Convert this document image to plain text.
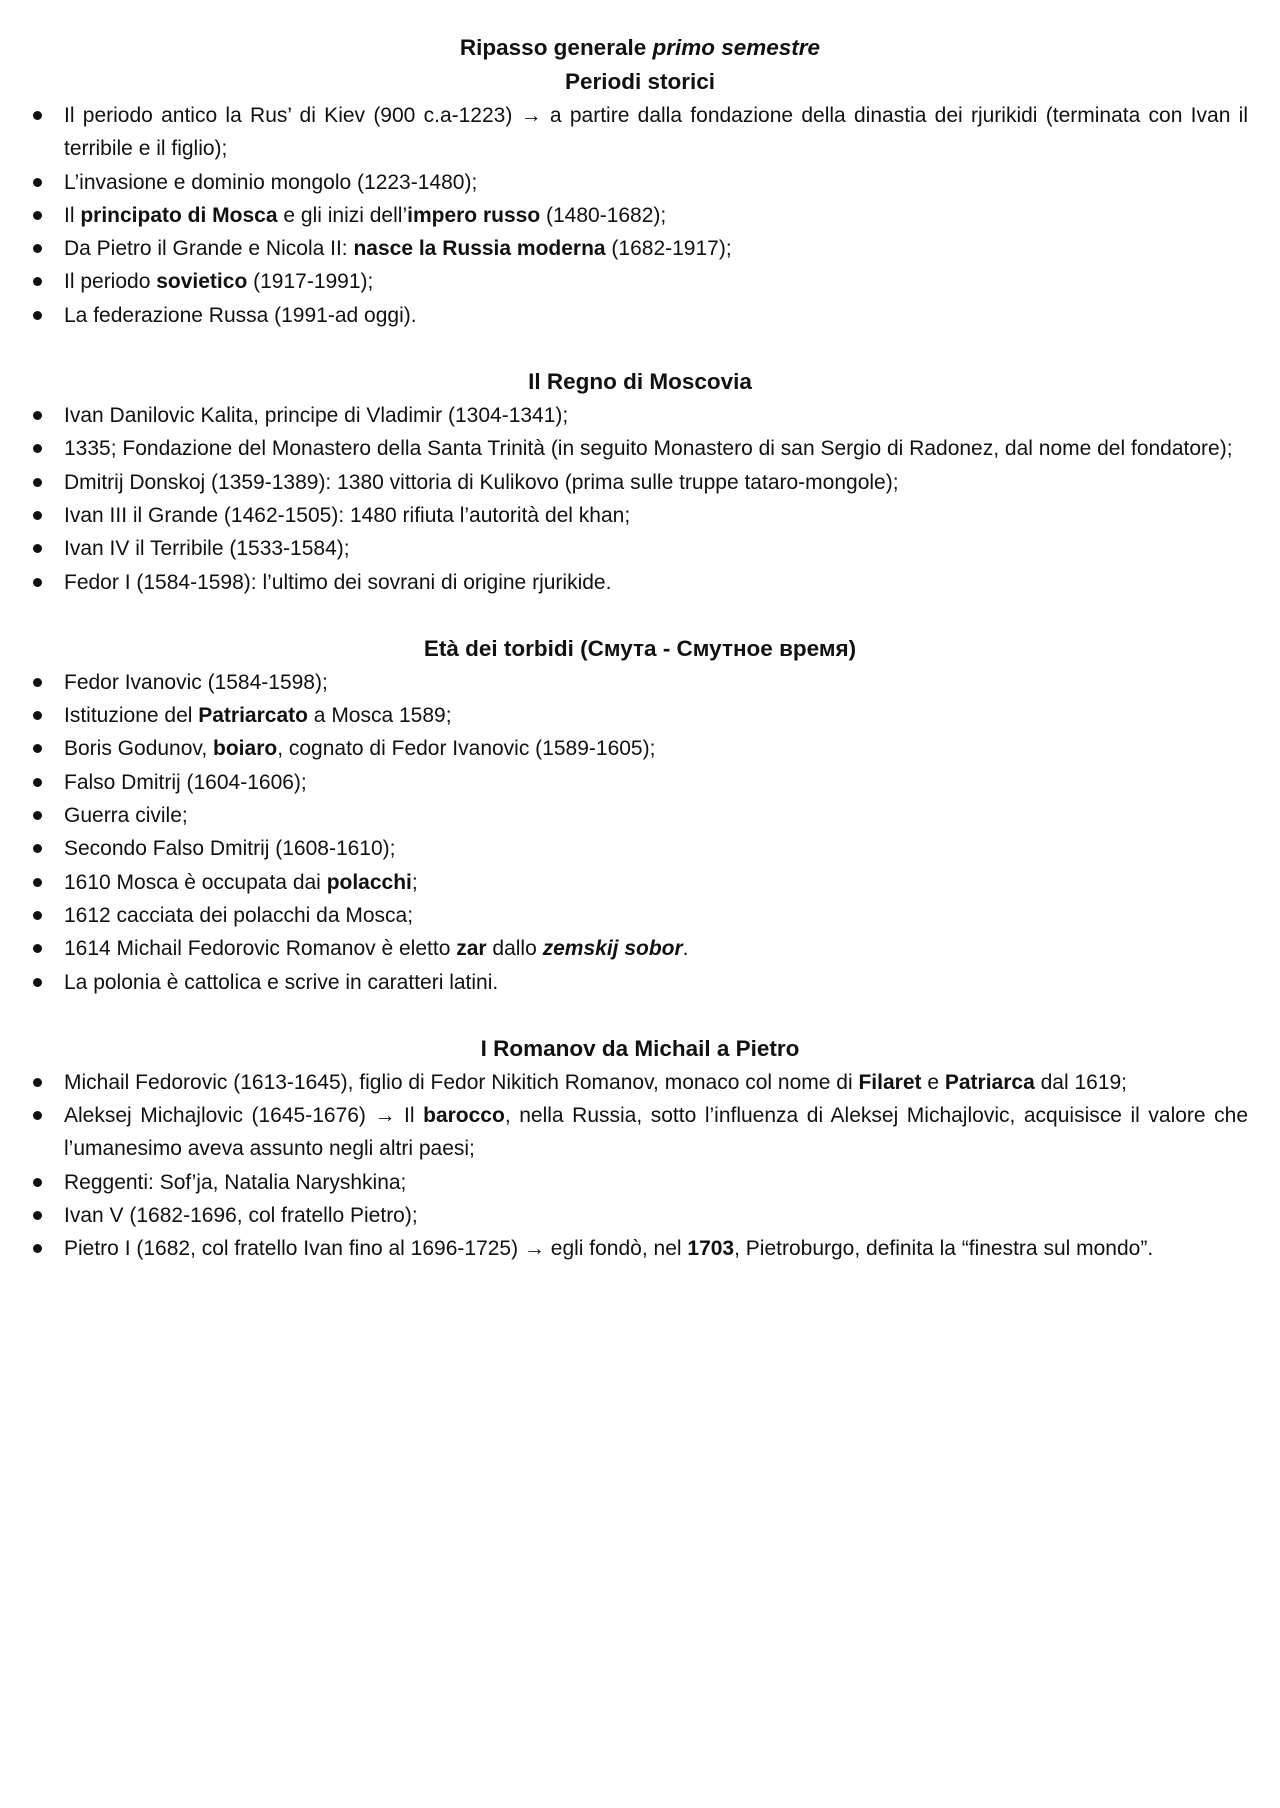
Ripasso generale primo semestre
Periodi storici
Il periodo antico la Rus’ di Kiev (900 c.a-1223) → a partire dalla fondazione della dinastia dei rjurikidi (terminata con Ivan il terribile e il figlio);
L’invasione e dominio mongolo (1223-1480);
Il principato di Mosca e gli inizi dell’impero russo (1480-1682);
Da Pietro il Grande e Nicola II: nasce la Russia moderna (1682-1917);
Il periodo sovietico (1917-1991);
La federazione Russa (1991-ad oggi).
Il Regno di Moscovia
Ivan Danilovic Kalita, principe di Vladimir (1304-1341);
1335; Fondazione del Monastero della Santa Trinità (in seguito Monastero di san Sergio di Radonez, dal nome del fondatore);
Dmitrij Donskoj (1359-1389): 1380 vittoria di Kulikovo (prima sulle truppe tataro-mongole);
Ivan III il Grande (1462-1505): 1480 rifiuta l’autorità del khan;
Ivan IV il Terribile (1533-1584);
Fedor I (1584-1598): l’ultimo dei sovrani di origine rjurikide.
Età dei torbidi (Смута - Смутное время)
Fedor Ivanovic (1584-1598);
Istituzione del Patriarcato a Mosca 1589;
Boris Godunov, boiaro, cognato di Fedor Ivanovic (1589-1605);
Falso Dmitrij (1604-1606);
Guerra civile;
Secondo Falso Dmitrij (1608-1610);
1610 Mosca è occupata dai polacchi;
1612 cacciata dei polacchi da Mosca;
1614 Michail Fedorovic Romanov è eletto zar dallo zemskij sobor.
La polonia è cattolica e scrive in caratteri latini.
I Romanov da Michail a Pietro
Michail Fedorovic (1613-1645), figlio di Fedor Nikitich Romanov, monaco col nome di Filaret e Patriarca dal 1619;
Aleksej Michajlovic (1645-1676) → Il barocco, nella Russia, sotto l’influenza di Aleksej Michajlovic, acquisisce il valore che l’umanesimo aveva assunto negli altri paesi;
Reggenti: Sof’ja, Natalia Naryshkina;
Ivan V (1682-1696, col fratello Pietro);
Pietro I (1682, col fratello Ivan fino al 1696-1725) → egli fondò, nel 1703, Pietroburgo, definita la “finestra sul mondo”.
